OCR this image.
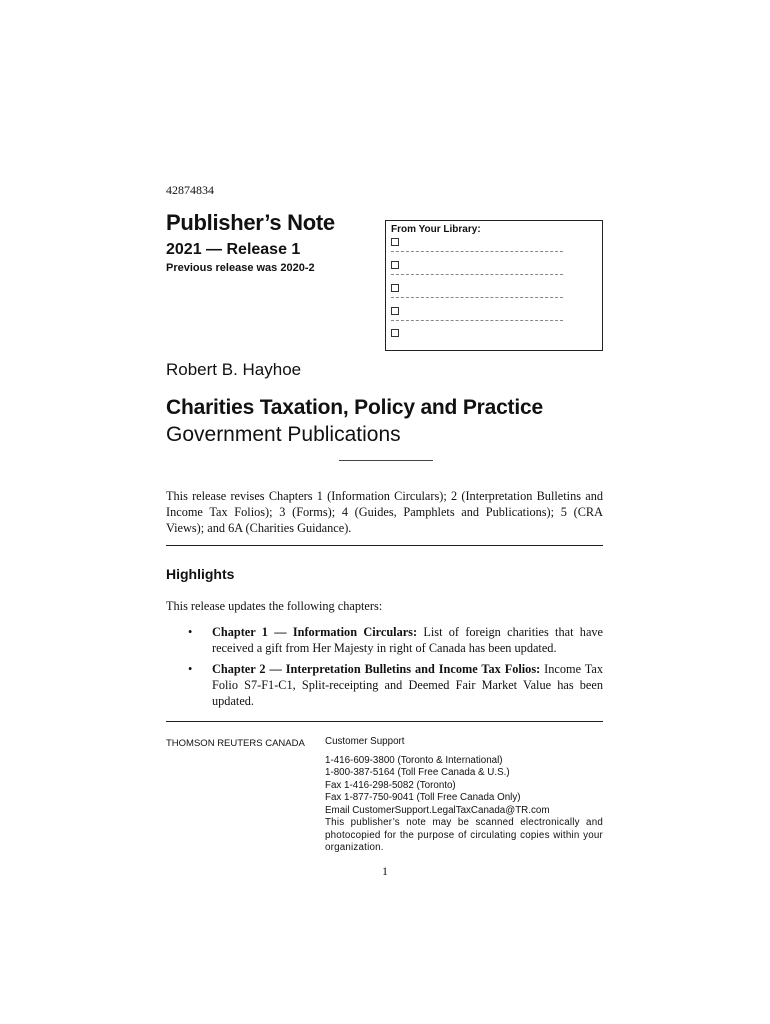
42874834
Publisher’s Note
2021 — Release 1
Previous release was 2020-2
From Your Library:
Robert B. Hayhoe
Charities Taxation, Policy and Practice
Government Publications
This release revises Chapters 1 (Information Circulars); 2 (Interpretation Bulletins and Income Tax Folios); 3 (Forms); 4 (Guides, Pamphlets and Publications); 5 (CRA Views); and 6A (Charities Guidance).
Highlights
This release updates the following chapters:
• Chapter 1 — Information Circulars: List of foreign charities that have received a gift from Her Majesty in right of Canada has been updated.
• Chapter 2 — Interpretation Bulletins and Income Tax Folios: Income Tax Folio S7-F1-C1, Split-receipting and Deemed Fair Market Value has been updated.
THOMSON REUTERS CANADA Customer Support
1-416-609-3800 (Toronto & International)
1-800-387-5164 (Toll Free Canada & U.S.)
Fax 1-416-298-5082 (Toronto)
Fax 1-877-750-9041 (Toll Free Canada Only)
Email CustomerSupport.LegalTaxCanada@TR.com
This publisher’s note may be scanned electronically and photocopied for the purpose of circulating copies within your organization.
1
